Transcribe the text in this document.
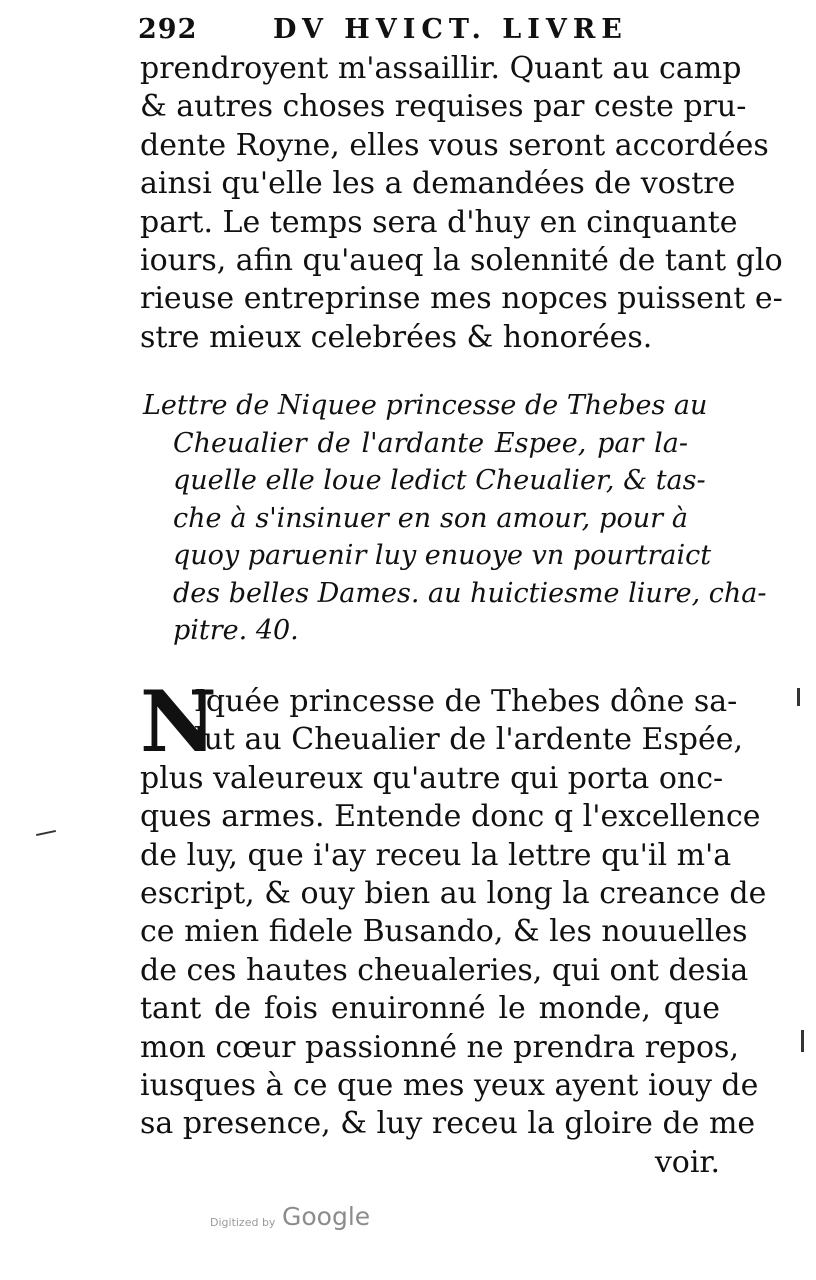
292	DV HVICT. LIVRE
prendroyent m'assaillir. Quant au camp
& autres choses requises par ceste pru-
dente Royne, elles vous seront accordées
ainsi qu'elle les a demandées de vostre
part. Le temps sera d'huy en cinquante
iours, afin qu'aueq la solennité de tant glo
rieuse entreprinse mes nopces puissent e-
stre mieux celebrées & honorées.
Lettre de Niquee princesse de Thebes au
Cheualier de l'ardante Espee, par la-
quelle elle loue ledict Cheualier, & tas-
che à s'insinuer en son amour, pour à
quoy paruenir luy enuoye vn pourtraict
des belles Dames. au huictiesme liure, cha-
pitre. 40.
N
Iquée princesse de Thebes dône sa-
lut au Cheualier de l'ardente Espée,
plus valeureux qu'autre qui porta onc-
ques armes. Entende donc q l'excellence
de luy, que i'ay receu la lettre qu'il m'a
escript, & ouy bien au long la creance de
ce mien fidele Busando, & les nouuelles
de ces hautes cheualeries, qui ont desia
tant de fois enuironné le monde, que
mon cœur passionné ne prendra repos,
iusques à ce que mes yeux ayent iouy de
sa presence, & luy receu la gloire de me
voir.
Digitized by Google
